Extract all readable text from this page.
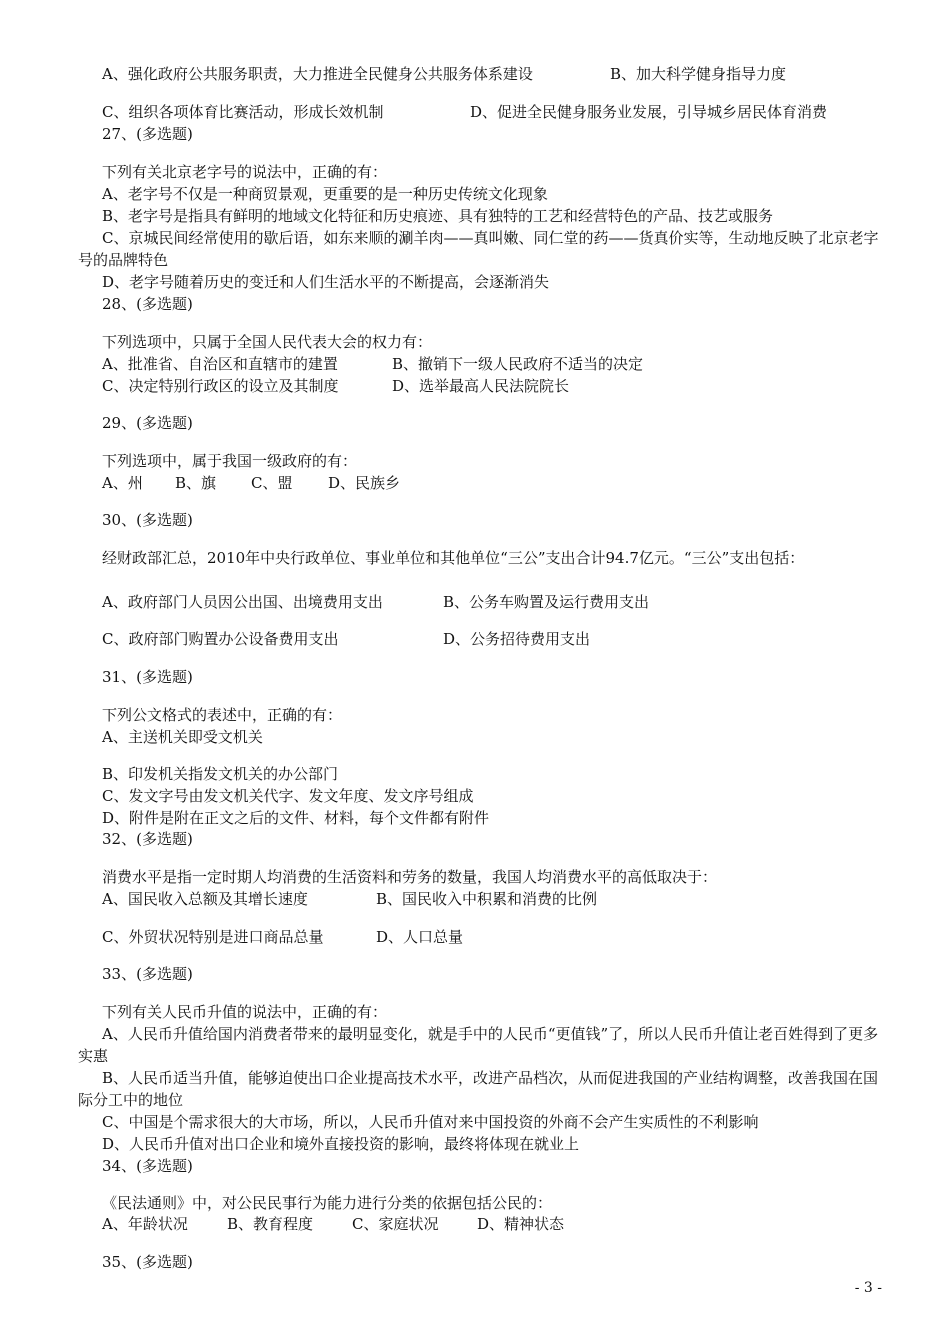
A、强化政府公共服务职责，大力推进全民健身公共服务体系建设	B、加大科学健身指导力度
C、组织各项体育比赛活动，形成长效机制	D、促进全民健身服务业发展，引导城乡居民体育消费
27、(多选题)
下列有关北京老字号的说法中，正确的有：
A、老字号不仅是一种商贸景观，更重要的是一种历史传统文化现象
B、老字号是指具有鲜明的地域文化特征和历史痕迹、具有独特的工艺和经营特色的产品、技艺或服务
C、京城民间经常使用的歇后语，如东来顺的涮羊肉——真叫嫩、同仁堂的药——货真价实等，生动地反映了北京老字号的品牌特色
D、老字号随着历史的变迁和人们生活水平的不断提高，会逐渐消失
28、(多选题)
下列选项中，只属于全国人民代表大会的权力有：
A、批准省、自治区和直辖市的建置	B、撤销下一级人民政府不适当的决定
C、决定特别行政区的设立及其制度	D、选举最高人民法院院长
29、(多选题)
下列选项中，属于我国一级政府的有：
A、州 B、旗 C、盟 D、民族乡
30、(多选题)
经财政部汇总，2010年中央行政单位、事业单位和其他单位“三公”支出合计94.7亿元。“三公”支出包括：
A、政府部门人员因公出国、出境费用支出	B、公务车购置及运行费用支出
C、政府部门购置办公设备费用支出	D、公务招待费用支出
31、(多选题)
下列公文格式的表述中，正确的有：
A、主送机关即受文机关
B、印发机关指发文机关的办公部门
C、发文字号由发文机关代字、发文年度、发文序号组成
D、附件是附在正文之后的文件、材料，每个文件都有附件
32、(多选题)
消费水平是指一定时期人均消费的生活资料和劳务的数量，我国人均消费水平的高低取决于：
A、国民收入总额及其增长速度	B、国民收入中积累和消费的比例
C、外贸状况特别是进口商品总量	D、人口总量
33、(多选题)
下列有关人民币升值的说法中，正确的有：
A、人民币升值给国内消费者带来的最明显变化，就是手中的人民币“更值钱”了，所以人民币升值让老百姓得到了更多实惠
B、人民币适当升值，能够迫使出口企业提高技术水平，改进产品档次，从而促进我国的产业结构调整，改善我国在国际分工中的地位
C、中国是个需求很大的大市场，所以，人民币升值对来中国投资的外商不会产生实质性的不利影响
D、人民币升值对出口企业和境外直接投资的影响，最终将体现在就业上
34、(多选题)
《民法通则》中，对公民民事行为能力进行分类的依据包括公民的：
A、年龄状况	B、教育程度	C、家庭状况	D、精神状态
35、(多选题)
- 3 -
